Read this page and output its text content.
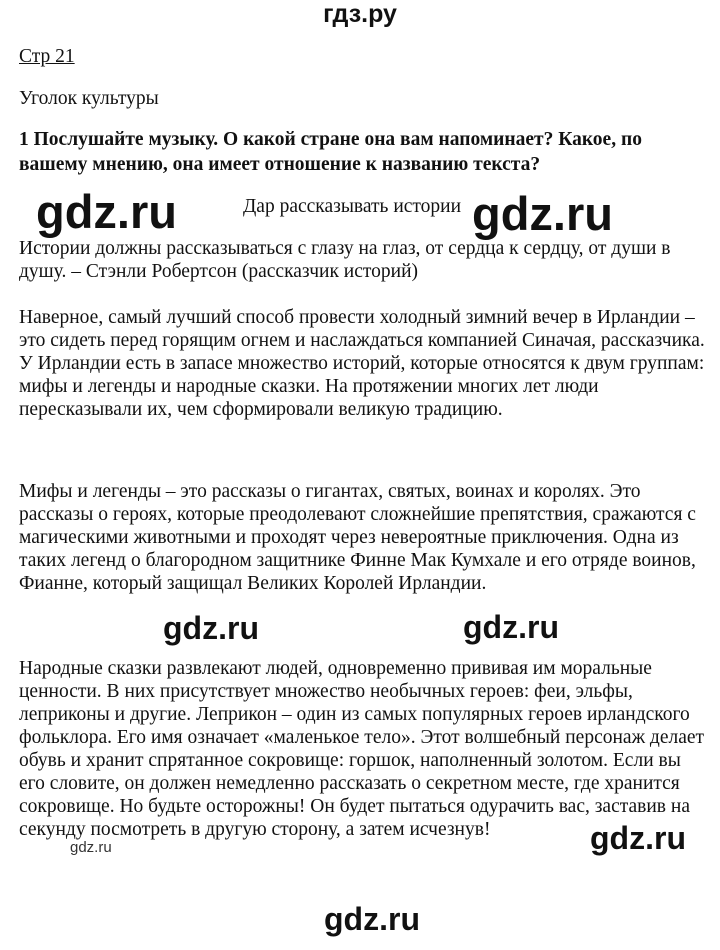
гдз.ру

Стр 21

Уголок культуры

1 Послушайте музыку. О какой стране она вам напоминает? Какое, по вашему мнению, она имеет отношение к названию текста?

Дар рассказывать истории

Истории должны рассказываться с глазу на глаз, от сердца к сердцу, от души в душу. – Стэнли Робертсон (рассказчик историй)

Наверное, самый лучший способ провести холодный зимний вечер в Ирландии – это сидеть перед горящим огнем и наслаждаться компанией Синачая, рассказчика. У Ирландии есть в запасе множество историй, которые относятся к двум группам: мифы и легенды и народные сказки. На протяжении многих лет люди пересказывали их, чем сформировали великую традицию.

Мифы и легенды – это рассказы о гигантах, святых, воинах и королях. Это рассказы о героях, которые преодолевают сложнейшие препятствия, сражаются с магическими животными и проходят через невероятные приключения. Одна из таких легенд о благородном защитнике Финне Мак Кумхале и его отряде воинов, Фианне, который защищал Великих Королей Ирландии.

Народные сказки развлекают людей, одновременно прививая им моральные ценности. В них присутствует множество необычных героев: феи, эльфы, леприконы и другие. Леприкон – один из самых популярных героев ирландского фольклора. Его имя означает «маленькое тело». Этот волшебный персонаж делает обувь и хранит спрятанное сокровище: горшок, наполненный золотом. Если вы его словите, он должен немедленно рассказать о секретном месте, где хранится сокровище. Но будьте осторожны! Он будет пытаться одурачить вас, заставив на секунду посмотреть в другую сторону, а затем исчезнув!

gdz.ru	gdz.ru
gdz.ru	gdz.ru
gdz.ru
gdz.ru
gdz.ru
